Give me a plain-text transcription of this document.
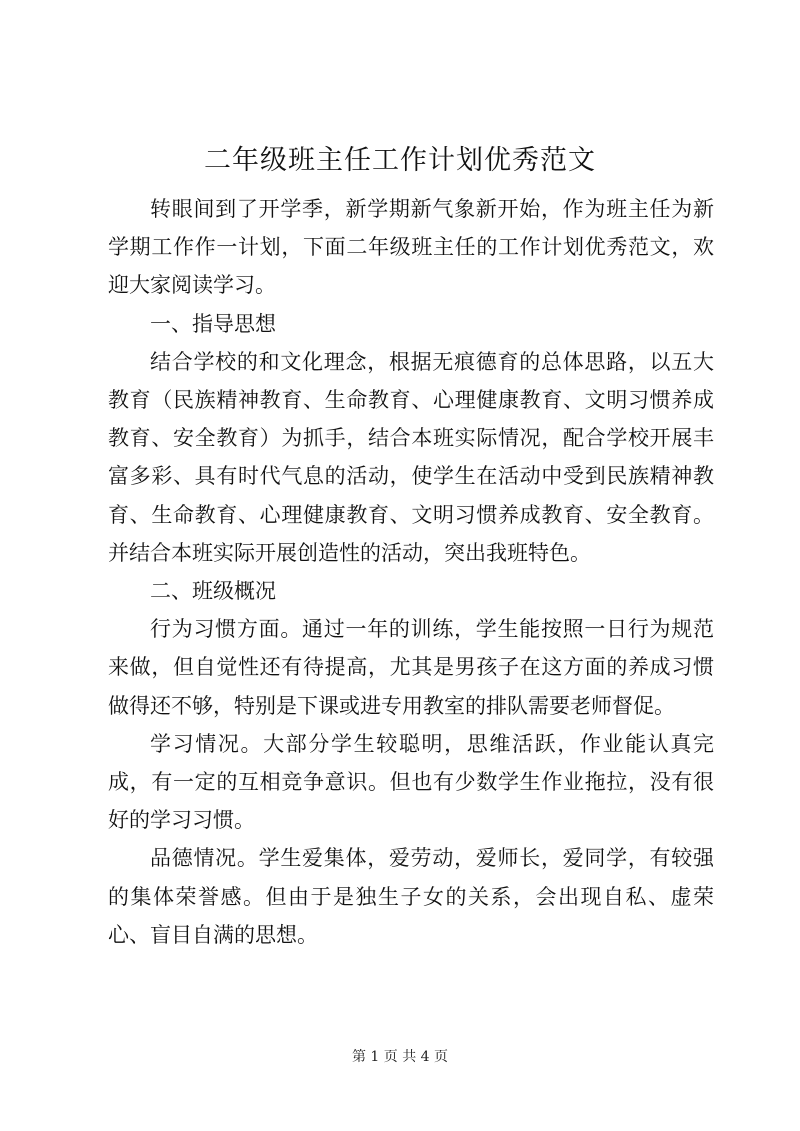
二年级班主任工作计划优秀范文

转眼间到了开学季，新学期新气象新开始，作为班主任为新学期工作作一计划，下面二年级班主任的工作计划优秀范文，欢迎大家阅读学习。

一、指导思想

结合学校的和文化理念，根据无痕德育的总体思路，以五大教育（民族精神教育、生命教育、心理健康教育、文明习惯养成教育、安全教育）为抓手，结合本班实际情况，配合学校开展丰富多彩、具有时代气息的活动，使学生在活动中受到民族精神教育、生命教育、心理健康教育、文明习惯养成教育、安全教育。并结合本班实际开展创造性的活动，突出我班特色。

二、班级概况

行为习惯方面。通过一年的训练，学生能按照一日行为规范来做，但自觉性还有待提高，尤其是男孩子在这方面的养成习惯做得还不够，特别是下课或进专用教室的排队需要老师督促。

学习情况。大部分学生较聪明，思维活跃，作业能认真完成，有一定的互相竞争意识。但也有少数学生作业拖拉，没有很好的学习习惯。

品德情况。学生爱集体，爱劳动，爱师长，爱同学，有较强的集体荣誉感。但由于是独生子女的关系，会出现自私、虚荣心、盲目自满的思想。

第 1 页 共 4 页
